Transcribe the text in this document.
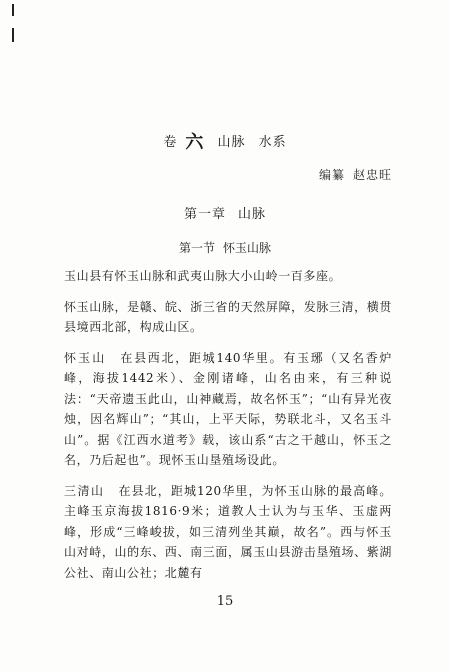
卷 六 山脉 水系
编纂 赵忠旺
第一章 山脉
第一节 怀玉山脉

玉山县有怀玉山脉和武夷山脉大小山岭一百多座。

怀玉山脉，是赣、皖、浙三省的天然屏障，发脉三清，横贯县境西北部，构成山区。

怀玉山 在县西北，距城140华里。有玉琊（又名香炉峰，海拔1442米）、金刚诸峰，山名由来，有三种说法：“天帝遗玉此山，山神藏焉，故名怀玉”；“山有异光夜烛，因名辉山”；“其山，上平天际，势联北斗，又名玉斗山”。据《江西水道考》载，该山系“古之干越山，怀玉之名，乃后起也”。现怀玉山垦殖场设此。

三清山 在县北，距城120华里，为怀玉山脉的最高峰。主峰玉京海拔1816·9米；道教人士认为与玉华、玉虚两峰，形成“三峰峻拔，如三清列坐其巅，故名”。西与怀玉山对峙，山的东、西、南三面，属玉山县游击垦殖场、紫湖公社、南山公社；北麓有

15
